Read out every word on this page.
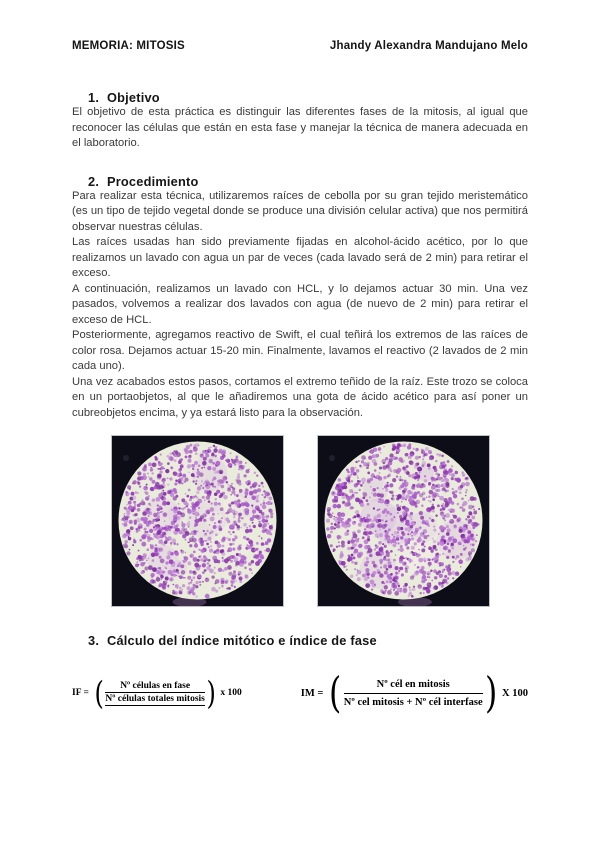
MEMORIA: MITOSIS	Jhandy Alexandra Mandujano Melo
1. Objetivo

El objetivo de esta práctica es distinguir las diferentes fases de la mitosis, al igual que reconocer las células que están en esta fase y manejar la técnica de manera adecuada en el laboratorio.

2. Procedimiento

Para realizar esta técnica, utilizaremos raíces de cebolla por su gran tejido meristemático (es un tipo de tejido vegetal donde se produce una división celular activa) que nos permitirá observar nuestras células.

Las raíces usadas han sido previamente fijadas en alcohol-ácido acético, por lo que realizamos un lavado con agua un par de veces (cada lavado será de 2 min) para retirar el exceso.

A continuación, realizamos un lavado con HCL, y lo dejamos actuar 30 min. Una vez pasados, volvemos a realizar dos lavados con agua (de nuevo de 2 min) para retirar el exceso de HCL.

Posteriormente, agregamos reactivo de Swift, el cual teñirá los extremos de las raíces de color rosa. Dejamos actuar 15-20 min. Finalmente, lavamos el reactivo (2 lavados de 2 min cada uno).

Una vez acabados estos pasos, cortamos el extremo teñido de la raíz. Este trozo se coloca en un portaobjetos, al que le añadiremos una gota de ácido acético para así poner un cubreobjetos encima, y ya estará listo para la observación.

3. Cálculo del índice mitótico e índice de fase
IF = ( $\frac{\text{Nº células en fase}}{\text{Nº células totales mitosis}}$ ) x 100	IM = ( $\frac{\text{Nº cél en mitosis}}{\text{Nº cel mitosis + Nº cél interfase}}$ ) X 100
